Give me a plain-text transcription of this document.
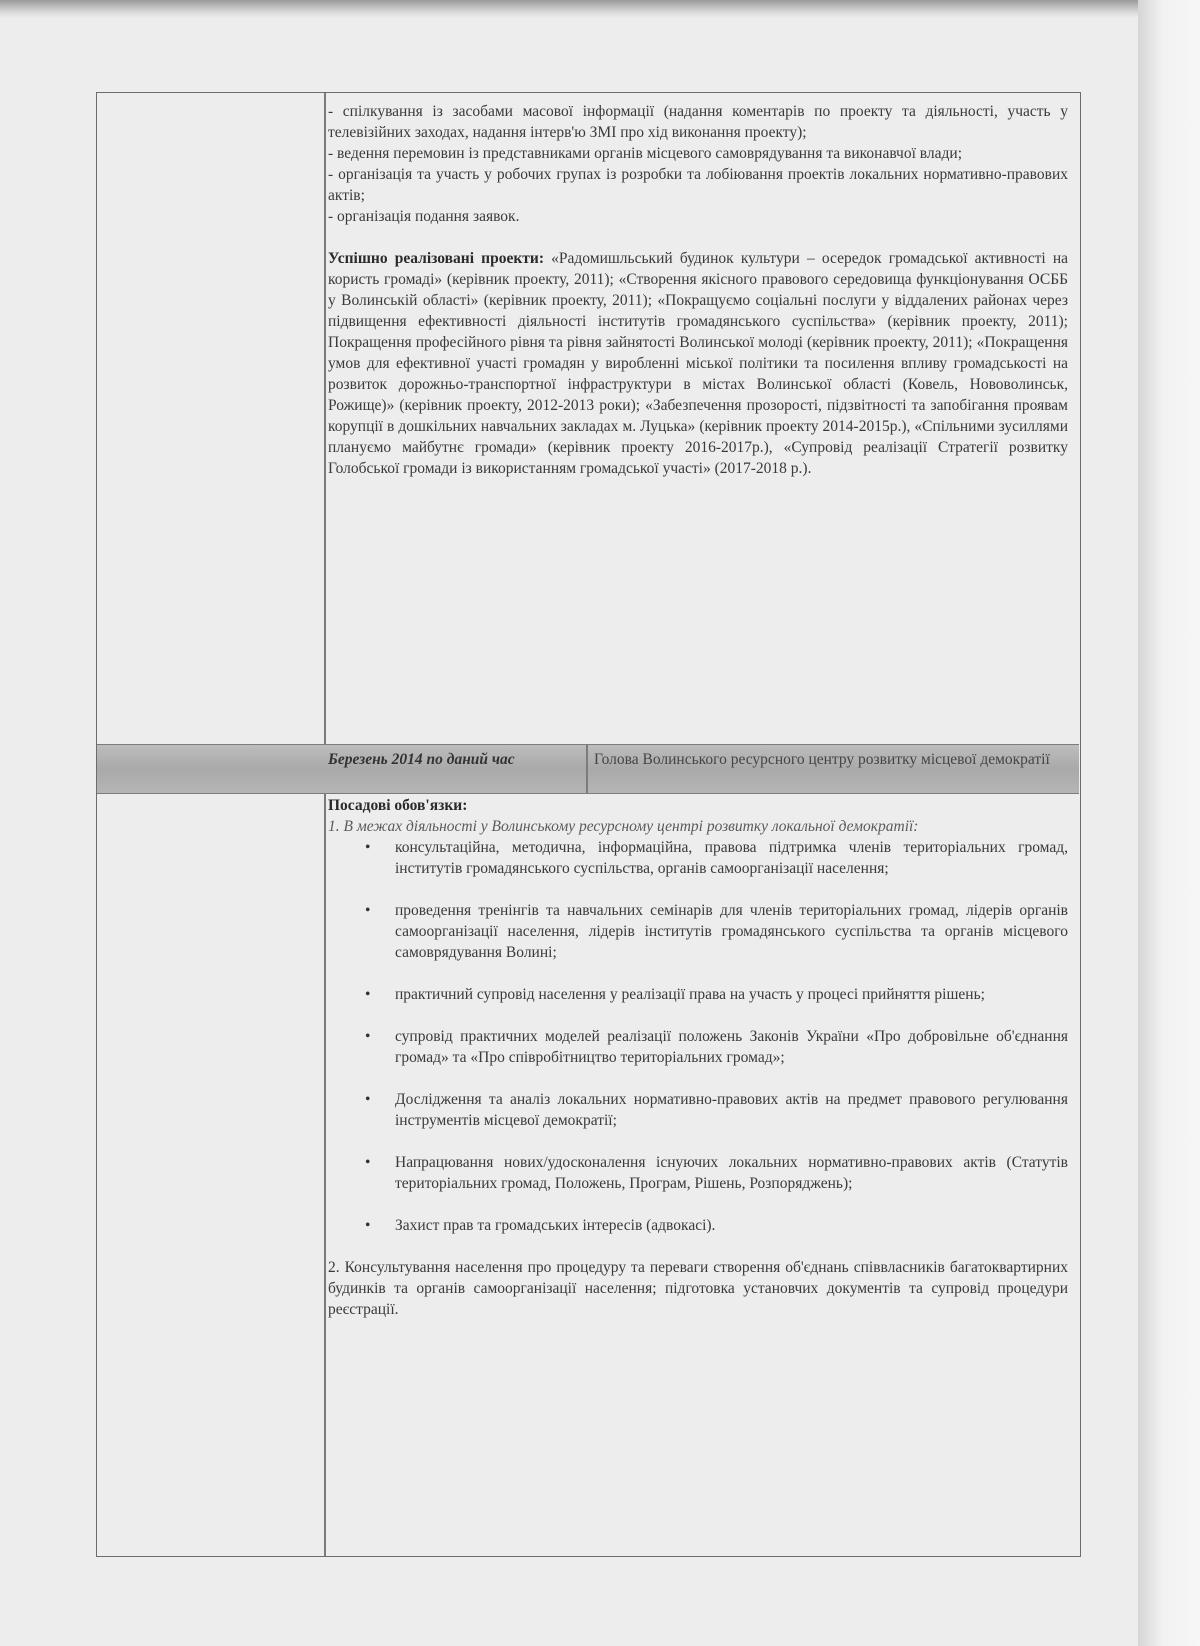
- спілкування із засобами масової інформації (надання коментарів по проекту та діяльності, участь у телевізійних заходах, надання інтерв'ю ЗМІ про хід виконання проекту);

- ведення перемовин із представниками органів місцевого самоврядування та виконавчої влади;

- організація та участь у робочих групах із розробки та лобіювання проектів локальних нормативно-правових актів;

- організація подання заявок.

Успішно реалізовані проекти: «Радомишльський будинок культури – осередок громадської активності на користь громаді» (керівник проекту, 2011); «Створення якісного правового середовища функціонування ОСББ у Волинській області» (керівник проекту, 2011); «Покращуємо соціальні послуги у віддалених районах через підвищення ефективності діяльності інститутів громадянського суспільства» (керівник проекту, 2011); Покращення професійного рівня та рівня зайнятості Волинської молоді (керівник проекту, 2011); «Покращення умов для ефективної участі громадян у виробленні міської політики та посилення впливу громадськості на розвиток дорожньо-транспортної інфраструктури в містах Волинської області (Ковель, Нововолинськ, Рожище)» (керівник проекту, 2012-2013 роки); «Забезпечення прозорості, підзвітності та запобігання проявам корупції в дошкільних навчальних закладах м. Луцька» (керівник проекту 2014-2015р.), «Спільними зусиллями плануємо майбутнє громади» (керівник проекту 2016-2017р.), «Супровід реалізації Стратегії розвитку Голобської громади із використанням громадської участі» (2017-2018 р.).

Березень 2014 по даний час	Голова Волинського ресурсного центру розвитку місцевої демократії
Посадові обов'язки:
1. В межах діяльності у Волинському ресурсному центрі розвитку локальної демократії:
• консультаційна, методична, інформаційна, правова підтримка членів територіальних громад, інститутів громадянського суспільства, органів самоорганізації населення;
• проведення тренінгів та навчальних семінарів для членів територіальних громад, лідерів органів самоорганізації населення, лідерів інститутів громадянського суспільства та органів місцевого самоврядування Волині;
• практичний супровід населення у реалізації права на участь у процесі прийняття рішень;
• супровід практичних моделей реалізації положень Законів України «Про добровільне об'єднання громад» та «Про співробітництво територіальних громад»;
• Дослідження та аналіз локальних нормативно-правових актів на предмет правового регулювання інструментів місцевої демократії;
• Напрацювання нових/удосконалення існуючих локальних нормативно-правових актів (Статутів територіальних громад, Положень, Програм, Рішень, Розпоряджень);
• Захист прав та громадських інтересів (адвокасі).

2. Консультування населення про процедуру та переваги створення об'єднань співвласників багатоквартирних будинків та органів самоорганізації населення; підготовка установчих документів та супровід процедури реєстрації.
